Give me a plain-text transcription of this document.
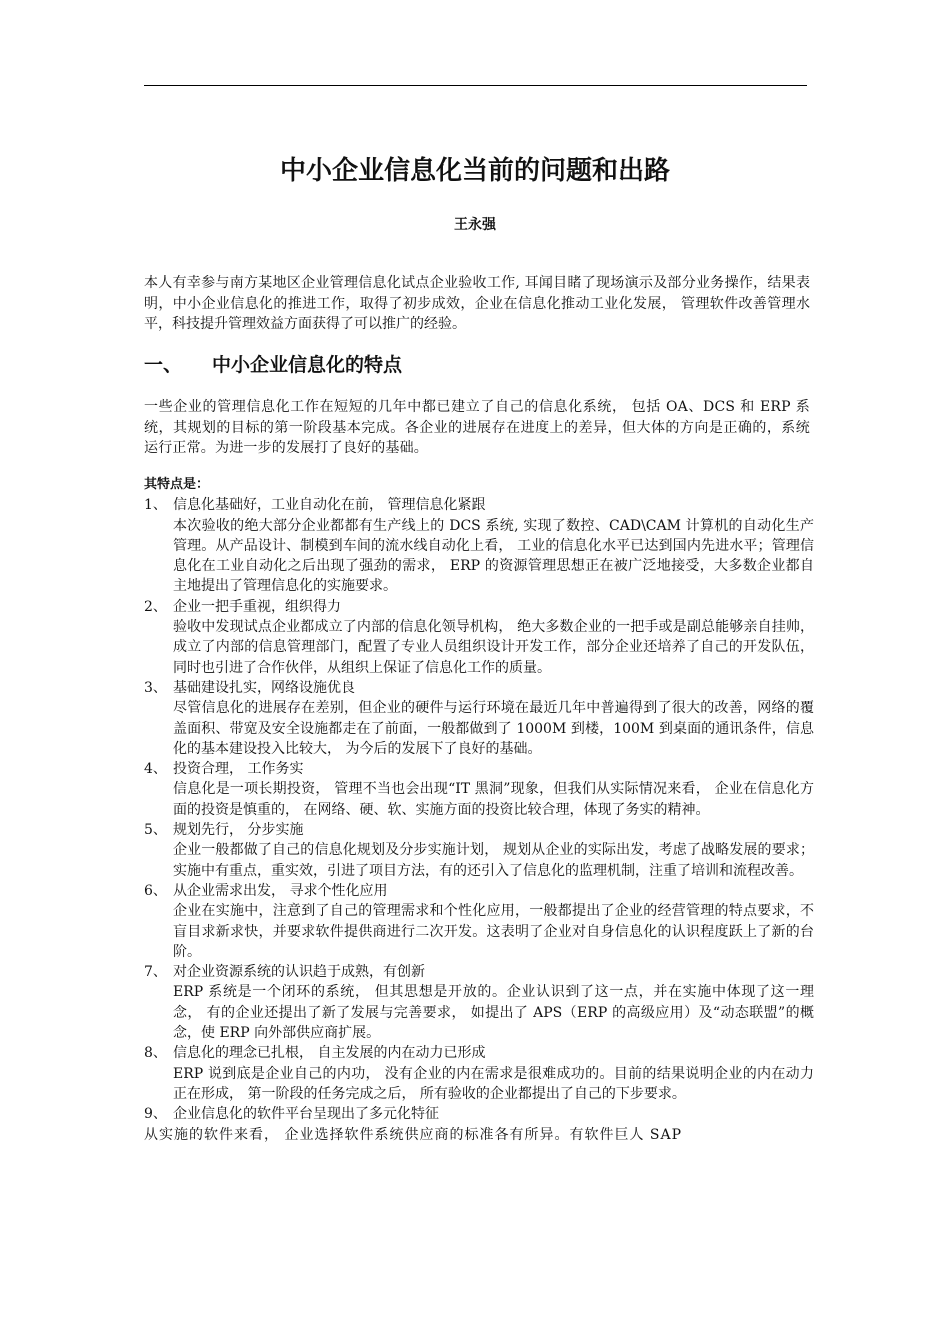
中小企业信息化当前的问题和出路
王永强
本人有幸参与南方某地区企业管理信息化试点企业验收工作, 耳闻目睹了现场演示及部分业务操作，结果表明，中小企业信息化的推进工作，取得了初步成效，企业在信息化推动工业化发展， 管理软件改善管理水平，科技提升管理效益方面获得了可以推广的经验。
一、 中小企业信息化的特点
一些企业的管理信息化工作在短短的几年中都已建立了自己的信息化系统， 包括 OA、DCS 和 ERP 系统，其规划的目标的第一阶段基本完成。各企业的进展存在进度上的差异，但大体的方向是正确的，系统运行正常。为进一步的发展打了良好的基础。
其特点是：
1、 信息化基础好，工业自动化在前， 管理信息化紧跟
本次验收的绝大部分企业都都有生产线上的 DCS 系统, 实现了数控、CAD\CAM 计算机的自动化生产管理。从产品设计、制模到车间的流水线自动化上看， 工业的信息化水平已达到国内先进水平；管理信息化在工业自动化之后出现了强劲的需求， ERP 的资源管理思想正在被广泛地接受，大多数企业都自主地提出了管理信息化的实施要求。
2、 企业一把手重视，组织得力
验收中发现试点企业都成立了内部的信息化领导机构， 绝大多数企业的一把手或是副总能够亲自挂帅， 成立了内部的信息管理部门，配置了专业人员组织设计开发工作，部分企业还培养了自己的开发队伍，同时也引进了合作伙伴，从组织上保证了信息化工作的质量。
3、 基础建设扎实，网络设施优良
尽管信息化的进展存在差别，但企业的硬件与运行环境在最近几年中普遍得到了很大的改善，网络的覆盖面积、带宽及安全设施都走在了前面，一般都做到了 1000M 到楼，100M 到桌面的通讯条件，信息化的基本建设投入比较大， 为今后的发展下了良好的基础。
4、 投资合理， 工作务实
信息化是一项长期投资， 管理不当也会出现“IT 黑洞”现象，但我们从实际情况来看， 企业在信息化方面的投资是慎重的， 在网络、硬、软、实施方面的投资比较合理，体现了务实的精神。
5、 规划先行， 分步实施
企业一般都做了自己的信息化规划及分步实施计划， 规划从企业的实际出发，考虑了战略发展的要求；实施中有重点，重实效，引进了项目方法，有的还引入了信息化的监理机制，注重了培训和流程改善。
6、 从企业需求出发， 寻求个性化应用
企业在实施中，注意到了自己的管理需求和个性化应用，一般都提出了企业的经营管理的特点要求，不盲目求新求快，并要求软件提供商进行二次开发。这表明了企业对自身信息化的认识程度跃上了新的台阶。
7、 对企业资源系统的认识趋于成熟，有创新
ERP 系统是一个闭环的系统， 但其思想是开放的。企业认识到了这一点，并在实施中体现了这一理念， 有的企业还提出了新了发展与完善要求， 如提出了 APS（ERP 的高级应用）及“动态联盟”的概念，使 ERP 向外部供应商扩展。
8、 信息化的理念已扎根， 自主发展的内在动力已形成
ERP 说到底是企业自己的内功， 没有企业的内在需求是很难成功的。目前的结果说明企业的内在动力正在形成， 第一阶段的任务完成之后， 所有验收的企业都提出了自己的下步要求。
9、 企业信息化的软件平台呈现出了多元化特征
从实施的软件来看， 企业选择软件系统供应商的标准各有所异。有软件巨人 SAP
